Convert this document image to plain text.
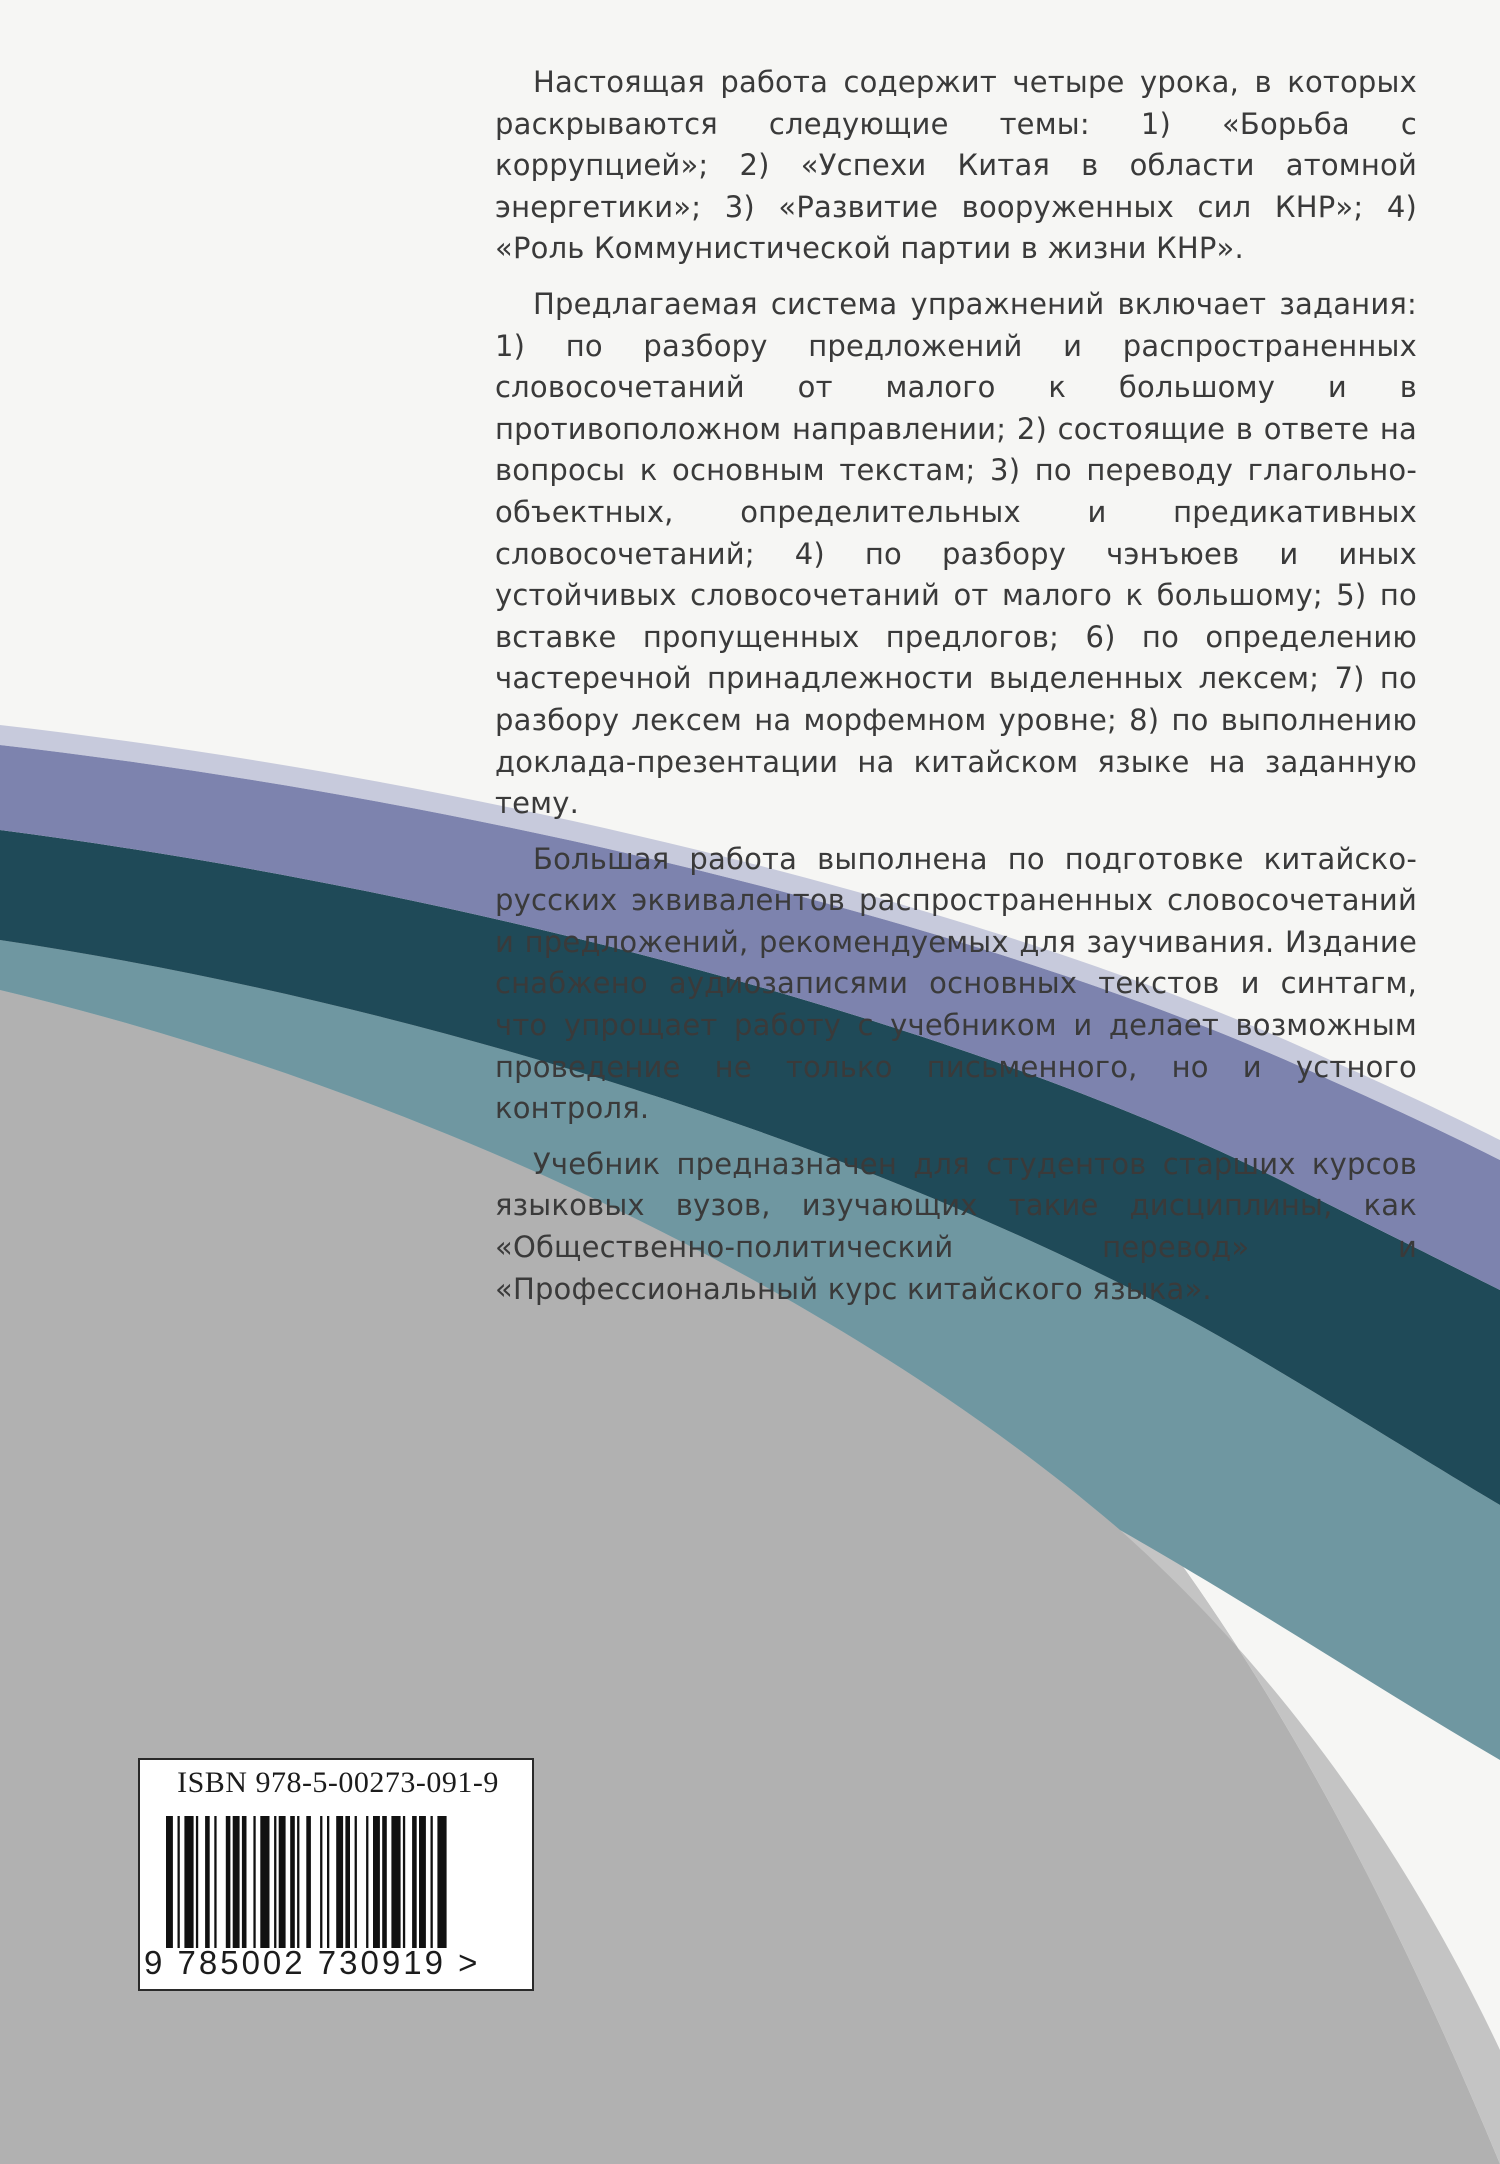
Настоящая работа содержит четыре урока, в которых раскрываются следующие темы: 1) «Борьба с коррупцией»; 2) «Успехи Китая в области атомной энергетики»; 3) «Развитие вооруженных сил КНР»; 4) «Роль Коммунистической партии в жизни КНР».

Предлагаемая система упражнений включает задания: 1) по разбору предложений и распространенных словосочетаний от малого к большому и в противоположном направлении; 2) состоящие в ответе на вопросы к основным текстам; 3) по переводу глагольно-объектных, определительных и предикативных словосочетаний; 4) по разбору чэнъюев и иных устойчивых словосочетаний от малого к большому; 5) по вставке пропущенных предлогов; 6) по определению частеречной принадлежности выделенных лексем; 7) по разбору лексем на морфемном уровне; 8) по выполнению доклада-презентации на китайском языке на заданную тему.

Большая работа выполнена по подготовке китайско-русских эквивалентов распространенных словосочетаний и предложений, рекомендуемых для заучивания. Издание снабжено аудиозаписями основных текстов и синтагм, что упрощает работу с учебником и делает возможным проведение не только письменного, но и устного контроля.

Учебник предназначен для студентов старших курсов языковых вузов, изучающих такие дисциплины, как «Общественно-политический перевод» и «Профессиональный курс китайского языка».

ISBN 978-5-00273-091-9
9 785002 730919 >
